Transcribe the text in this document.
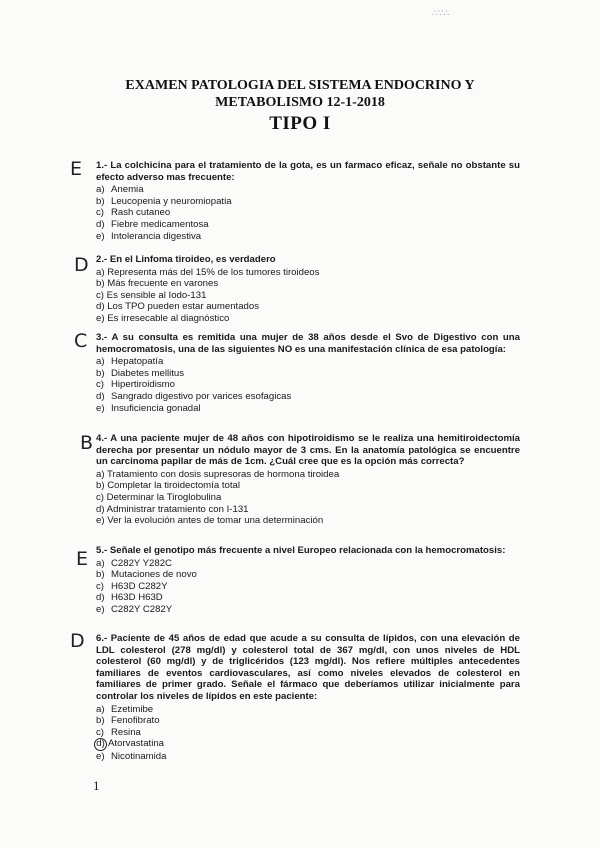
EXAMEN PATOLOGIA DEL SISTEMA ENDOCRINO Y
METABOLISMO 12-1-2018
TIPO I
∴∵∴
E 1.- La colchicina para el tratamiento de la gota, es un farmaco eficaz, señale no obstante su efecto adverso mas frecuente:

a) Anemia
b) Leucopenia y neuromiopatia
c) Rash cutaneo
d) Fiebre medicamentosa
e) Intolerancia digestiva
D 2.- En el Linfoma tiroideo, es verdadero

a) Representa más del 15% de los tumores tiroideos
b) Más frecuente en varones
c) Es sensible al Iodo-131
d) Los TPO pueden estar aumentados
e) Es irresecable al diagnóstico
C 3.- A su consulta es remitida una mujer de 38 años desde el Svo de Digestivo con una hemocromatosis, una de las siguientes NO es una manifestación clínica de esa patología:

a) Hepatopatía
b) Diabetes mellitus
c) Hipertiroidismo
d) Sangrado digestivo por varices esofagicas
e) Insuficiencia gonadal
B 4.- A una paciente mujer de 48 años con hipotiroidismo se le realiza una hemitiroidectomía derecha por presentar un nódulo mayor de 3 cms. En la anatomía patológica se encuentre un carcinoma papilar de más de 1cm. ¿Cuál cree que es la opción más correcta?

a) Tratamiento con dosis supresoras de hormona tiroidea
b) Completar la tiroidectomía total
c) Determinar la Tiroglobulina
d) Administrar tratamiento con I-131
e) Ver la evolución antes de tomar una determinación
E 5.- Señale el genotipo más frecuente a nivel Europeo relacionada con la hemocromatosis:

a) C282Y Y282C
b) Mutaciones de novo
c) H63D C282Y
d) H63D H63D
e) C282Y C282Y
D 6.- Paciente de 45 años de edad que acude a su consulta de lípidos, con una elevación de LDL colesterol (278 mg/dl) y colesterol total de 367 mg/dl, con unos niveles de HDL colesterol (60 mg/dl) y de triglicéridos (123 mg/dl). Nos refiere múltiples antecedentes familiares de eventos cardiovasculares, así como niveles elevados de colesterol en familiares de primer grado. Señale el fármaco que deberíamos utilizar inicialmente para controlar los niveles de lípidos en este paciente:

a) Ezetimibe
b) Fenofibrato
c) Resina
d) Atorvastatina
e) Nicotinamida
1
